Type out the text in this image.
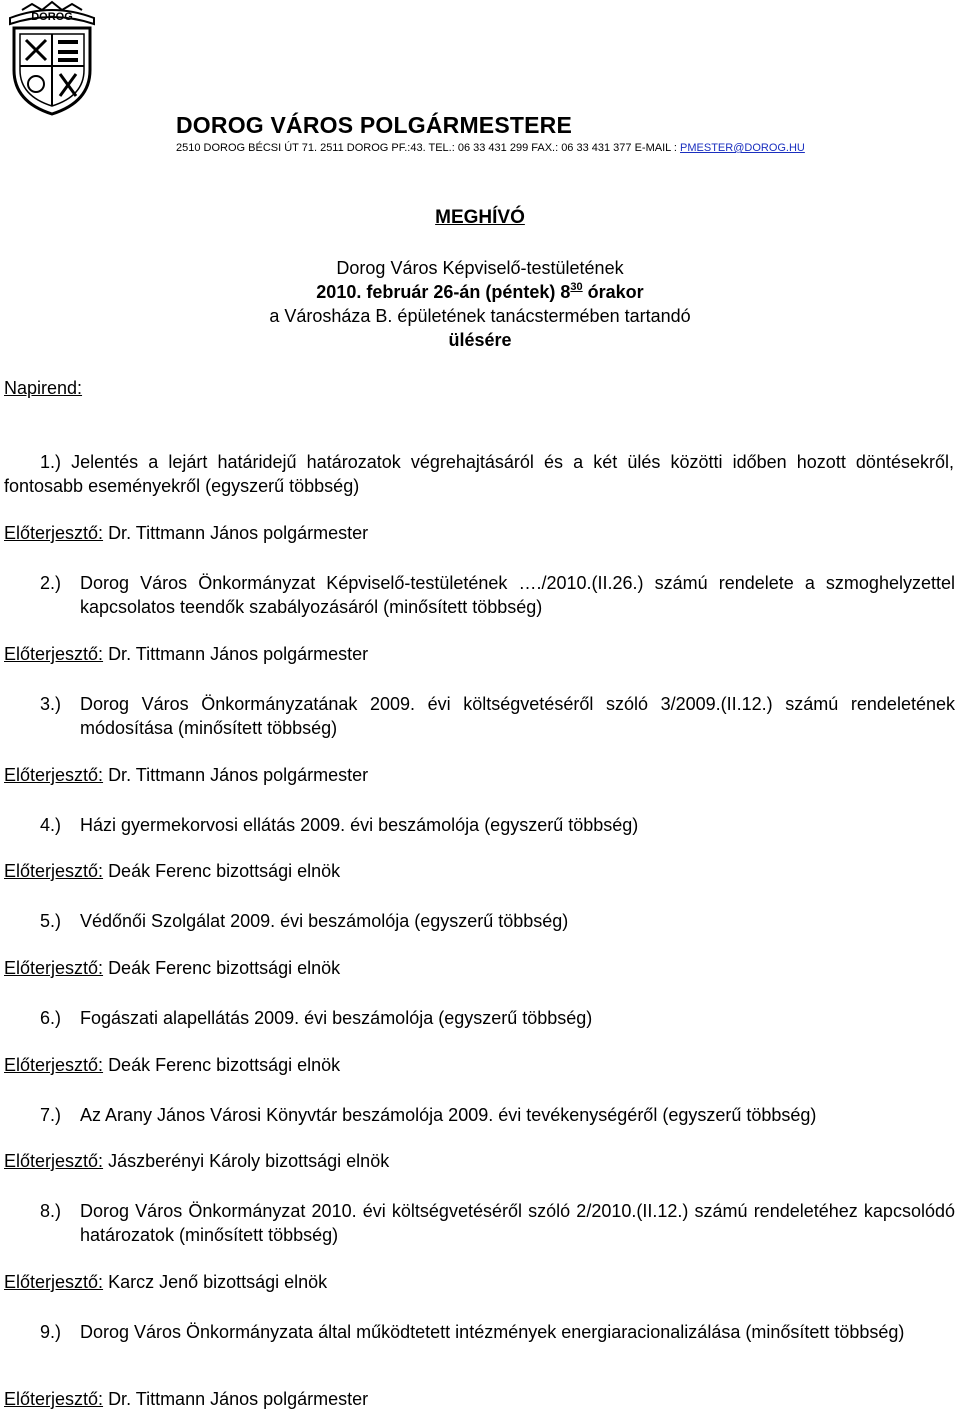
DOROG
DOROG VÁROS POLGÁRMESTERE
2510 DOROG BÉCSI ÚT 71. 2511 DOROG PF.:43. TEL.: 06 33 431 299 FAX.: 06 33 431 377 E-MAIL : PMESTER@DOROG.HU
MEGHÍVÓ
Dorog Város Képviselő-testületének
2010. február 26-án (péntek) $8^{30}$ órakor
a Városháza B. épületének tanácstermében tartandó
ülésére
Napirend:
1.) Jelentés a lejárt határidejű határozatok végrehajtásáról és a két ülés közötti időben hozott döntésekről, fontosabb eseményekről (egyszerű többség)
Előterjesztő: Dr. Tittmann János polgármester
2.) Dorog Város Önkormányzat Képviselő-testületének …./2010.(II.26.) számú rendelete a szmoghelyzettel kapcsolatos teendők szabályozásáról (minősített többség)
Előterjesztő: Dr. Tittmann János polgármester
3.) Dorog Város Önkormányzatának 2009. évi költségvetéséről szóló 3/2009.(II.12.) számú rendeletének módosítása (minősített többség)
Előterjesztő: Dr. Tittmann János polgármester
4.) Házi gyermekorvosi ellátás 2009. évi beszámolója (egyszerű többség)
Előterjesztő: Deák Ferenc bizottsági elnök
5.) Védőnői Szolgálat 2009. évi beszámolója (egyszerű többség)
Előterjesztő: Deák Ferenc bizottsági elnök
6.) Fogászati alapellátás 2009. évi beszámolója (egyszerű többség)
Előterjesztő: Deák Ferenc bizottsági elnök
7.) Az Arany János Városi Könyvtár beszámolója 2009. évi tevékenységéről (egyszerű többség)
Előterjesztő: Jászberényi Károly bizottsági elnök
8.) Dorog Város Önkormányzat 2010. évi költségvetéséről szóló 2/2010.(II.12.) számú rendeletéhez kapcsolódó határozatok (minősített többség)
Előterjesztő: Karcz Jenő bizottsági elnök
9.) Dorog Város Önkormányzata által működtetett intézmények energiaracionalizálása (minősített többség)
Előterjesztő: Dr. Tittmann János polgármester
